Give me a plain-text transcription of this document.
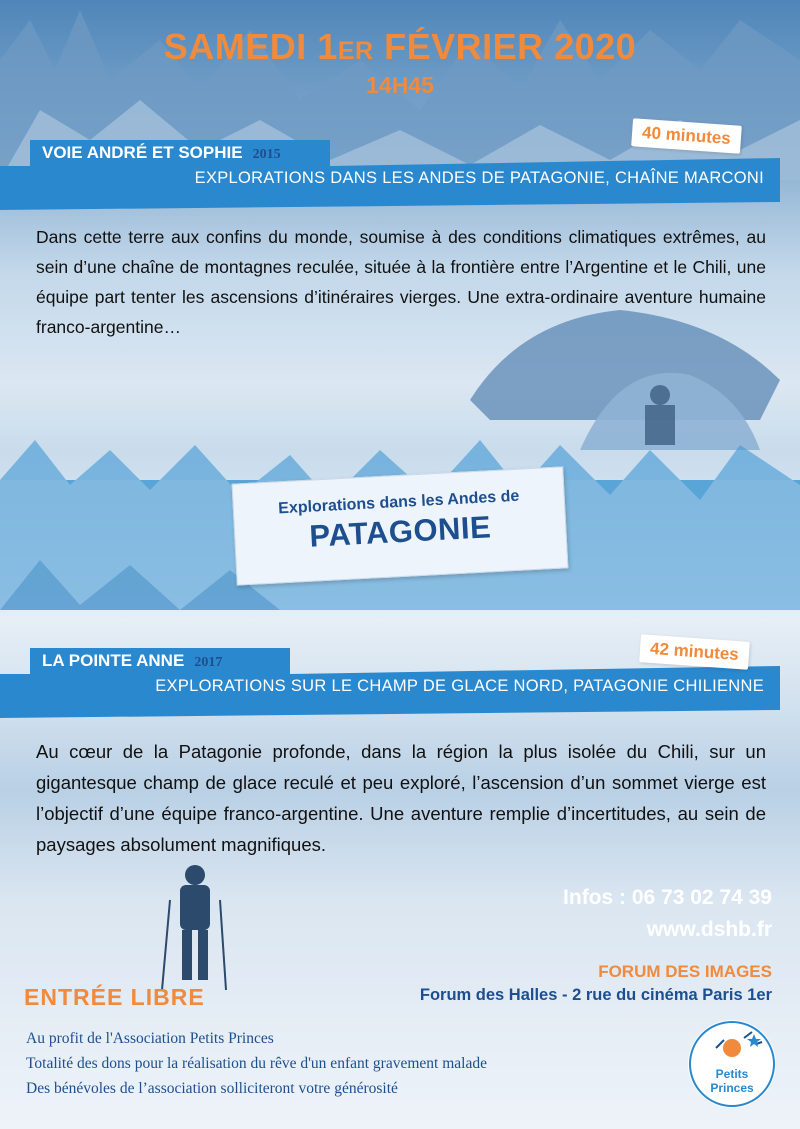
SAMEDI 1ER FÉVRIER 2020
14H45
VOIE ANDRÉ ET SOPHIE 2015
EXPLORATIONS DANS LES ANDES DE PATAGONIE, CHAÎNE MARCONI
40 minutes
Dans cette terre aux confins du monde, soumise à des conditions climatiques extrêmes, au sein d’une chaîne de montagnes reculée, située à la frontière entre l’Argentine et le Chili, une équipe part tenter les ascensions d’itinéraires vierges. Une extra-ordinaire aventure humaine franco-argentine…
Explorations dans les Andes de
PATAGONIE
LA POINTE ANNE 2017
EXPLORATIONS SUR LE CHAMP DE GLACE NORD, PATAGONIE CHILIENNE
42 minutes
Au cœur de la Patagonie profonde, dans la région la plus isolée du Chili, sur un gigantesque champ de glace reculé et peu exploré, l’ascension d’un sommet vierge est l’objectif d’une équipe franco-argentine. Une aventure remplie d’incertitudes, au sein de paysages absolument magnifiques.
Infos : 06 73 02 74 39
www.dshb.fr
FORUM DES IMAGES
Forum des Halles - 2 rue du cinéma Paris 1er
ENTRÉE LIBRE
Au profit de l'Association Petits Princes
Totalité des dons pour la réalisation du rêve d'un enfant gravement malade
Des bénévoles de l’association solliciteront votre générosité
Petits
Princes
